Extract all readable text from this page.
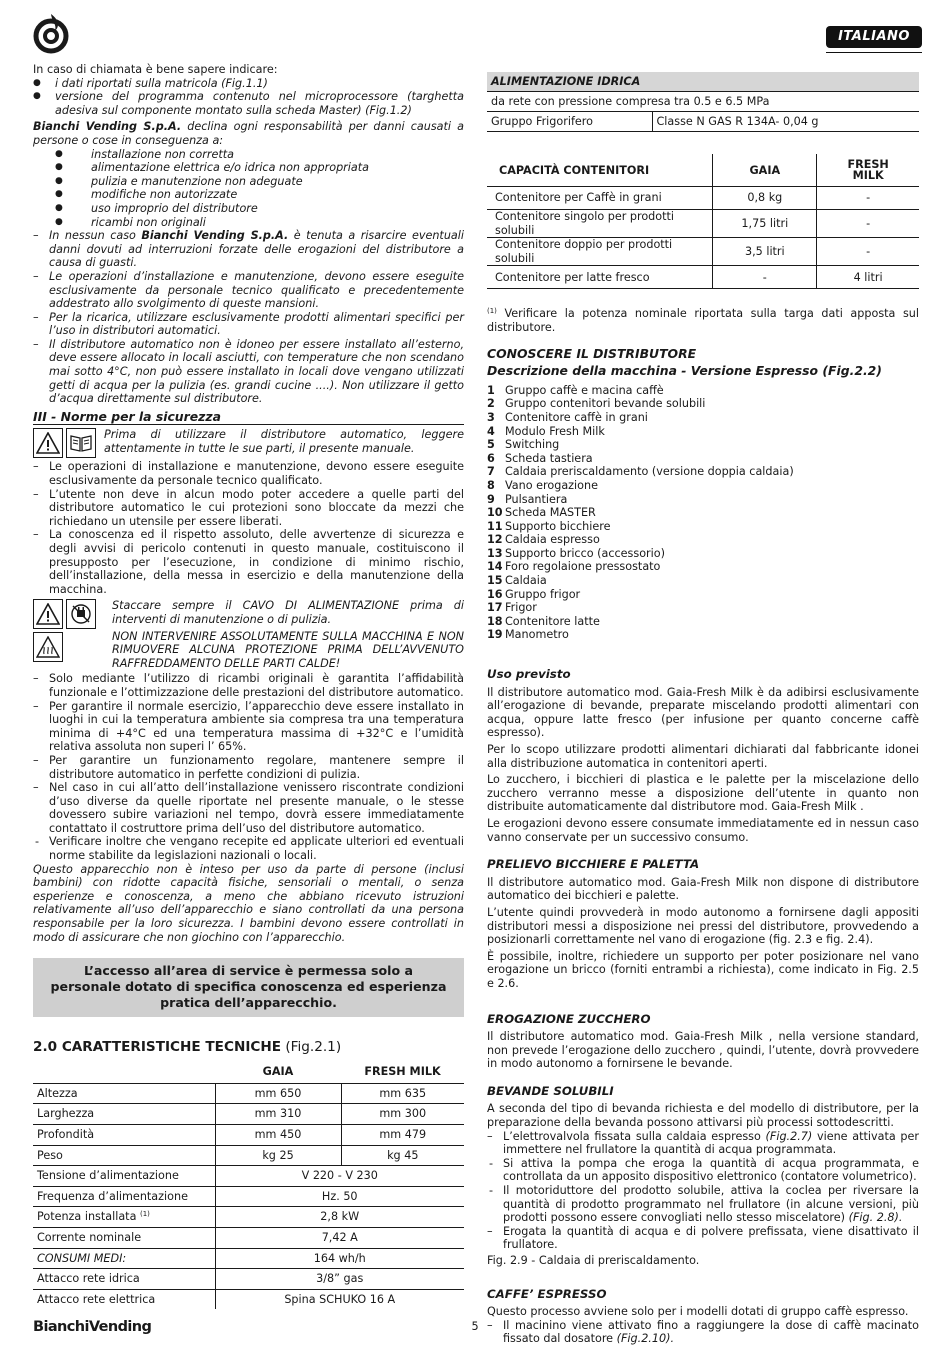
ITALIANO

In caso di chiamata è bene sapere indicare:

● i dati riportati sulla matricola (Fig.1.1)
● versione del programma contenuto nel microprocessore (targhetta adesiva sul componente montato sulla scheda Master) (Fig.1.2)

Bianchi Vending S.p.A. declina ogni responsabilità per danni causati a persone o cose in conseguenza a:

● installazione non corretta
● alimentazione elettrica e/o idrica non appropriata
● pulizia e manutenzione non adeguate
● modifiche non autorizzate
● uso improprio del distributore
● ricambi non originali
– In nessun caso Bianchi Vending S.p.A. è tenuta a risarcire eventuali danni dovuti ad interruzioni forzate delle erogazioni del distributore a causa di guasti.
– Le operazioni d’installazione e manutenzione, devono essere eseguite esclusivamente da personale tecnico qualificato e precedentemente addestrato allo svolgimento di queste mansioni.
– Per la ricarica, utilizzare esclusivamente prodotti alimentari specifici per l’uso in distributori automatici.
– Il distributore automatico non è idoneo per essere installato all’esterno, deve essere allocato in locali asciutti, con temperature che non scendano mai sotto 4°C, non può essere installato in locali dove vengano utilizzati getti di acqua per la pulizia (es. grandi cucine ....). Non utilizzare il getto d’acqua direttamente sul distributore.
III - Norme per la sicurezza

Prima di utilizzare il distributore automatico, leggere attentamente in tutte le sue parti, il presente manuale.

– Le operazioni di installazione e manutenzione, devono essere eseguite esclusivamente da personale tecnico qualificato.
– L’utente non deve in alcun modo poter accedere a quelle parti del distributore automatico le cui protezioni sono bloccate da mezzi che richiedano un utensile per essere liberati.
– La conoscenza ed il rispetto assoluto, delle avvertenze di sicurezza e degli avvisi di pericolo contenuti in questo manuale, costituiscono il presupposto per l’esecuzione, in condizione di minimo rischio, dell’installazione, della messa in esercizio e della manutenzione della macchina.

Staccare sempre il CAVO DI ALIMENTAZIONE prima di interventi di manutenzione o di pulizia.

NON INTERVENIRE ASSOLUTAMENTE SULLA MACCHINA E NON RIMUOVERE ALCUNA PROTEZIONE PRIMA DELL’AVVENUTO RAFFREDDAMENTO DELLE PARTI CALDE!

– Solo mediante l’utilizzo di ricambi originali è garantita l’affidabilità funzionale e l’ottimizzazione delle prestazioni del distributore automatico.
– Per garantire il normale esercizio, l’apparecchio deve essere installato in luoghi in cui la temperatura ambiente sia compresa tra una temperatura minima di +4°C ed una temperatura massima di +32°C e l’umidità relativa assoluta non superi l’ 65%.
– Per garantire un funzionamento regolare, mantenere sempre il distributore automatico in perfette condizioni di pulizia.
– Nel caso in cui all’atto dell’installazione venissero riscontrate condizioni d’uso diverse da quelle riportate nel presente manuale, o le stesse dovessero subire variazioni nel tempo, dovrà essere immediatamente contattato il costruttore prima dell’uso del distributore automatico.
- Verificare inoltre che vengano recepite ed applicate ulteriori ed eventuali norme stabilite da legislazioni nazionali o locali.

Questo apparecchio non è inteso per uso da parte di persone (inclusi bambini) con ridotte capacità fisiche, sensoriali o mentali, o senza esperienze e conoscenza, a meno che abbiano ricevuto istruzioni relativamente all’uso dell’apparecchio e siano controllati da una persona responsabile per la loro sicurezza. I bambini devono essere controllati in modo di assicurare che non giochino con l’apparecchio.

L’accesso all’area di service è permessa solo a personale dotato di specifica conoscenza ed esperienza pratica dell’apparecchio.
2.0 CARATTERISTICHE TECNICHE (Fig.2.1)
	GAIA	FRESH MILK
Altezza	mm 650	mm 635
Larghezza	mm 310	mm 300
Profondità	mm 450	mm 479
Peso	kg 25	kg 45
Tensione d’alimentazione	V 220 - V 230	
Frequenza d’alimentazione	Hz. 50	
Potenza installata $^{(1)}$	2,8 kW	
Corrente nominale	7,42 A	
CONSUMI MEDI:	164 wh/h	
Attacco rete idrica	3/8” gas	
Attacco rete elettrica	Spina SCHUKO 16 A	
ALIMENTAZIONE IDRICA
da rete con pressione compresa tra 0.5 e 6.5 MPa
Gruppo Frigorifero	Classe N GAS R 134A- 0,04 g
CAPACITÀ CONTENITORI	GAIA	FRESH MILK
Contenitore per Caffè in grani	0,8 kg	-
Contenitore singolo per prodotti solubili	1,75 litri	-
Contenitore doppio per prodotti solubili	3,5 litri	-
Contenitore per latte fresco	-	4 litri

$^{(1)}$ Verificare la potenza nominale riportata sulla targa dati apposta sul distributore.

CONOSCERE IL DISTRIBUTORE
Descrizione della macchina - Versione Espresso (Fig.2.2)
1 Gruppo caffè e macina caffè
2 Gruppo contenitori bevande solubili
3 Contenitore caffè in grani
4 Modulo Fresh Milk
5 Switching
6 Scheda tastiera
7 Caldaia preriscaldamento (versione doppia caldaia)
8 Vano erogazione
9 Pulsantiera
10 Scheda MASTER
11 Supporto bicchiere
12 Caldaia espresso
13 Supporto bricco (accessorio)
14 Foro regolaione pressostato
15 Caldaia
16 Gruppo frigor
17 Frigor
18 Contenitore latte
19 Manometro
Uso previsto

Il distributore automatico mod. Gaia-Fresh Milk è da adibirsi esclusivamente all’erogazione di bevande, preparate miscelando prodotti alimentari con acqua, oppure latte fresco (per infusione per quanto concerne caffè espresso).

Per lo scopo utilizzare prodotti alimentari dichiarati dal fabbricante idonei alla distribuzione automatica in contenitori aperti.

Lo zucchero, i bicchieri di plastica e le palette per la miscelazione dello zucchero verranno messe a disposizione dell’utente in quanto non distribuite automaticamente dal distributore mod. Gaia-Fresh Milk .

Le erogazioni devono essere consumate immediatamente ed in nessun caso vanno conservate per un successivo consumo.

PRELIEVO BICCHIERE E PALETTA

Il distributore automatico mod. Gaia-Fresh Milk non dispone di distributore automatico dei bicchieri e palette.

L’utente quindi provvederà in modo autonomo a fornirsene dagli appositi distributori messi a disposizione nei pressi del distributore, provvedendo a posizionarli correttamente nel vano di erogazione (fig. 2.3 e fig. 2.4).

È possibile, inoltre, richiedere un supporto per poter posizionare nel vano erogazione un bricco (forniti entrambi a richiesta), come indicato in Fig. 2.5 e 2.6.

EROGAZIONE ZUCCHERO

Il distributore automatico mod. Gaia-Fresh Milk , nella versione standard, non prevede l’erogazione dello zucchero , quindi, l’utente, dovrà provvedere in modo autonomo a fornirsene le bevande.

BEVANDE SOLUBILI

A seconda del tipo di bevanda richiesta e del modello di distributore, per la preparazione della bevanda possono attivarsi più processi sottodescritti.

– L’elettrovalvola fissata sulla caldaia espresso (Fig.2.7) viene attivata per immettere nel frullatore la quantità di acqua programmata.
- Si attiva la pompa che eroga la quantità di acqua programmata, e controllata da un apposito dispositivo elettronico (contatore volumetrico).
- Il motoriduttore del prodotto solubile, attiva la coclea per riversare la quantità di prodotto programmato nel frullatore (in alcune versioni, più prodotti possono essere convogliati nello stesso miscelatore) (Fig. 2.8).
– Erogata la quantità di acqua e di polvere prefissata, viene disattivato il frullatore.

Fig. 2.9 - Caldaia di preriscaldamento.

CAFFE’ ESPRESSO

Questo processo avviene solo per i modelli dotati di gruppo caffè espresso.

– Il macinino viene attivato fino a raggiungere la dose di caffè macinato fissato dal dosatore (Fig.2.10).
BianchiVending	5
